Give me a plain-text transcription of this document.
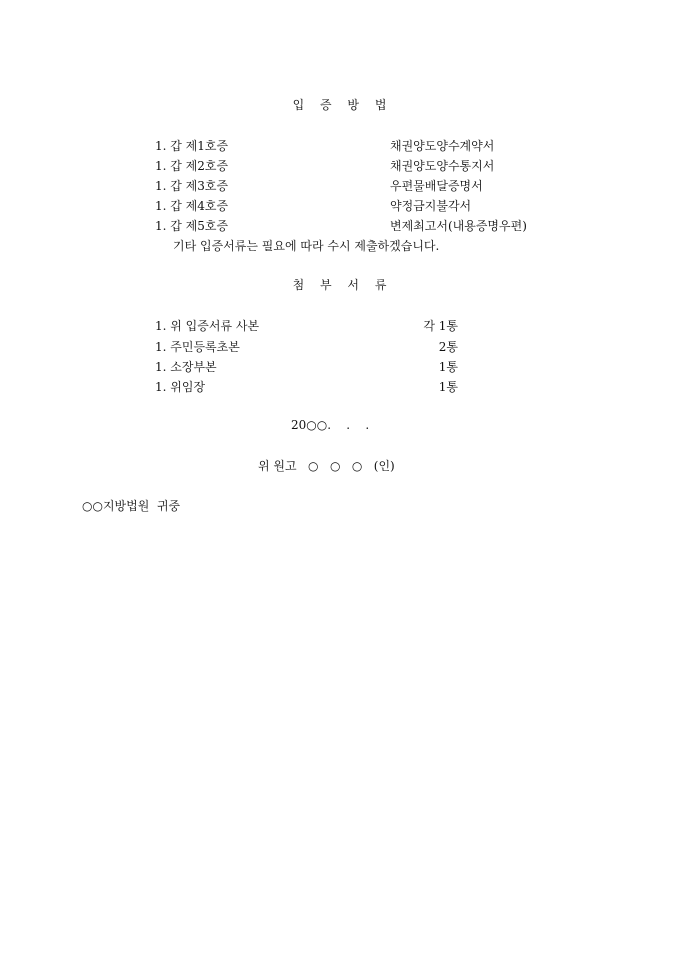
입 증 방 법
1. 갑 제1호증	채권양도양수계약서
1. 갑 제2호증	채권양도양수통지서
1. 갑 제3호증	우편물배달증명서
1. 갑 제4호증	약정금지불각서
1. 갑 제5호증	변제최고서(내용증명우편)
기타 입증서류는 필요에 따라 수시 제출하겠습니다.
첨 부 서 류
1. 위 입증서류 사본	각 1통
1. 주민등록초본	2통
1. 소장부본	1통
1. 위임장	1통
20○○.    .    .
위 원고   ○   ○   ○   (인)
○○지방법원  귀중
